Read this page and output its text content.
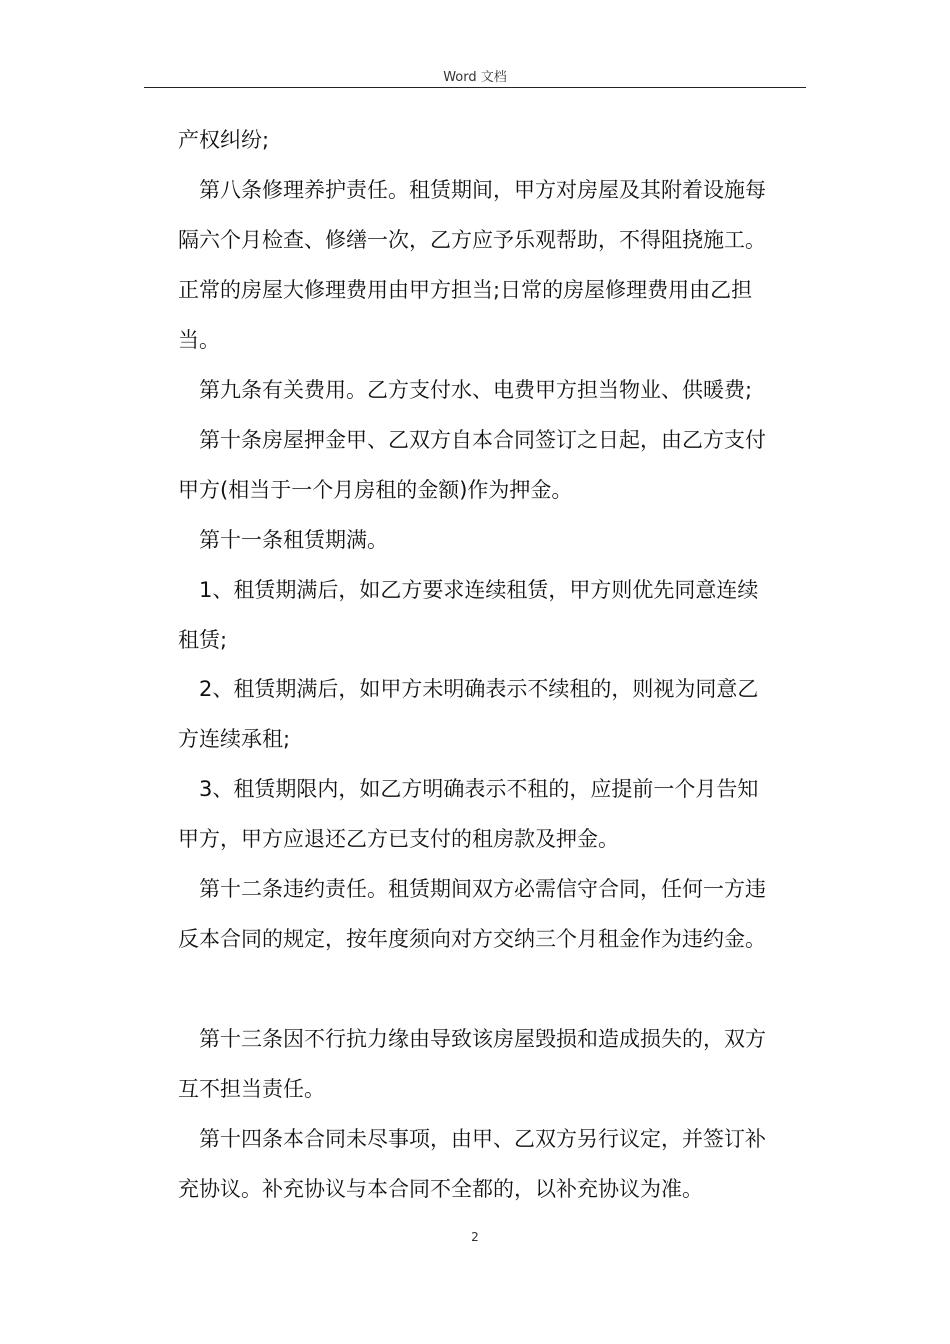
Word 文档
产权纠纷;
第八条修理养护责任。租赁期间，甲方对房屋及其附着设施每
隔六个月检查、修缮一次，乙方应予乐观帮助，不得阻挠施工。
正常的房屋大修理费用由甲方担当;日常的房屋修理费用由乙担
当。
第九条有关费用。乙方支付水、电费甲方担当物业、供暖费;
第十条房屋押金甲、乙双方自本合同签订之日起，由乙方支付
甲方(相当于一个月房租的金额)作为押金。
第十一条租赁期满。
1、租赁期满后，如乙方要求连续租赁，甲方则优先同意连续
租赁;
2、租赁期满后，如甲方未明确表示不续租的，则视为同意乙
方连续承租;
3、租赁期限内，如乙方明确表示不租的，应提前一个月告知
甲方，甲方应退还乙方已支付的租房款及押金。
第十二条违约责任。租赁期间双方必需信守合同，任何一方违
反本合同的规定，按年度须向对方交纳三个月租金作为违约金。
第十三条因不行抗力缘由导致该房屋毁损和造成损失的，双方
互不担当责任。
第十四条本合同未尽事项，由甲、乙双方另行议定，并签订补
充协议。补充协议与本合同不全都的，以补充协议为准。
2
